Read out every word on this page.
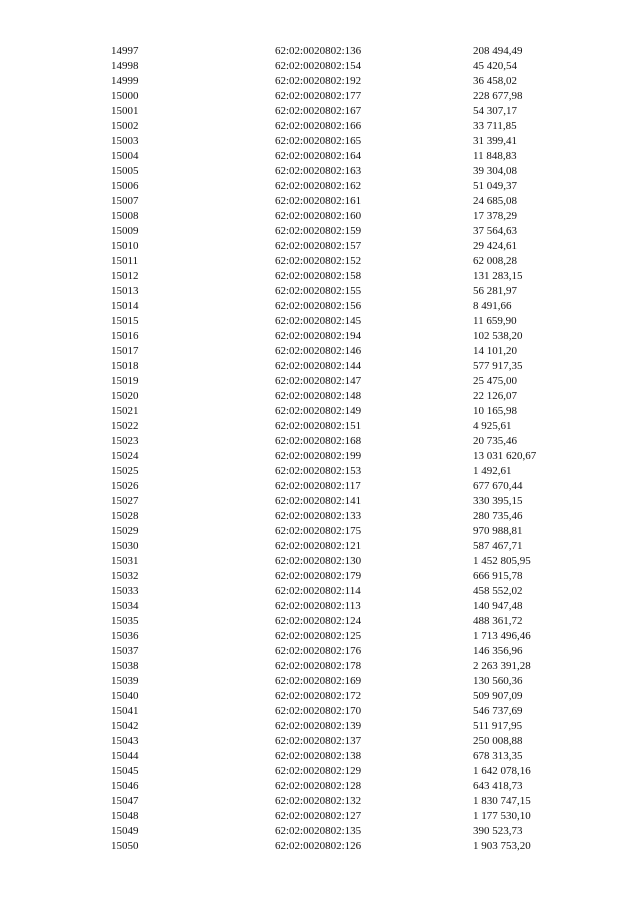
14997	62:02:0020802:136	208 494,49
14998	62:02:0020802:154	45 420,54
14999	62:02:0020802:192	36 458,02
15000	62:02:0020802:177	228 677,98
15001	62:02:0020802:167	54 307,17
15002	62:02:0020802:166	33 711,85
15003	62:02:0020802:165	31 399,41
15004	62:02:0020802:164	11 848,83
15005	62:02:0020802:163	39 304,08
15006	62:02:0020802:162	51 049,37
15007	62:02:0020802:161	24 685,08
15008	62:02:0020802:160	17 378,29
15009	62:02:0020802:159	37 564,63
15010	62:02:0020802:157	29 424,61
15011	62:02:0020802:152	62 008,28
15012	62:02:0020802:158	131 283,15
15013	62:02:0020802:155	56 281,97
15014	62:02:0020802:156	8 491,66
15015	62:02:0020802:145	11 659,90
15016	62:02:0020802:194	102 538,20
15017	62:02:0020802:146	14 101,20
15018	62:02:0020802:144	577 917,35
15019	62:02:0020802:147	25 475,00
15020	62:02:0020802:148	22 126,07
15021	62:02:0020802:149	10 165,98
15022	62:02:0020802:151	4 925,61
15023	62:02:0020802:168	20 735,46
15024	62:02:0020802:199	13 031 620,67
15025	62:02:0020802:153	1 492,61
15026	62:02:0020802:117	677 670,44
15027	62:02:0020802:141	330 395,15
15028	62:02:0020802:133	280 735,46
15029	62:02:0020802:175	970 988,81
15030	62:02:0020802:121	587 467,71
15031	62:02:0020802:130	1 452 805,95
15032	62:02:0020802:179	666 915,78
15033	62:02:0020802:114	458 552,02
15034	62:02:0020802:113	140 947,48
15035	62:02:0020802:124	488 361,72
15036	62:02:0020802:125	1 713 496,46
15037	62:02:0020802:176	146 356,96
15038	62:02:0020802:178	2 263 391,28
15039	62:02:0020802:169	130 560,36
15040	62:02:0020802:172	509 907,09
15041	62:02:0020802:170	546 737,69
15042	62:02:0020802:139	511 917,95
15043	62:02:0020802:137	250 008,88
15044	62:02:0020802:138	678 313,35
15045	62:02:0020802:129	1 642 078,16
15046	62:02:0020802:128	643 418,73
15047	62:02:0020802:132	1 830 747,15
15048	62:02:0020802:127	1 177 530,10
15049	62:02:0020802:135	390 523,73
15050	62:02:0020802:126	1 903 753,20
